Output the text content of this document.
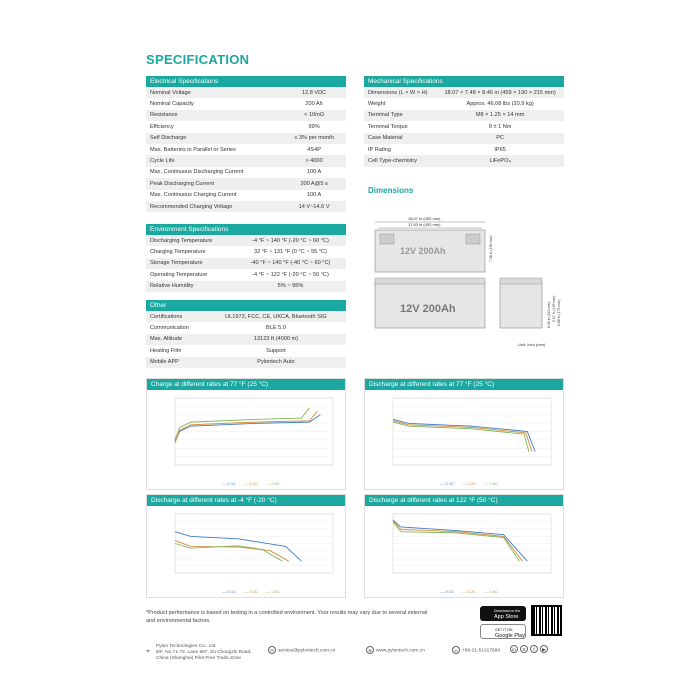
SPECIFICATION
Electrical Specifications
Nominal Voltage	12.8 VDC
Nominal Capacity	200 Ah
Resistance	< 10mΩ
Efficiency	99%
Self Discharge	≤ 3% per month
Max. Batteries in Parallel or Series	4S4P
Cycle Life	> 4000
Max. Continuous Discharging Current	100 A
Peak Discharging Current	200 A@5 s
Max. Continuous Charging Current	100 A
Recommended Charging Voltage	14 V~14.6 V
Environment Specifications
Discharging Temperature	-4 °F ~ 140 °F (-20 °C ~ 60 °C)
Charging Temperature	32 °F ~ 131 °F (0 °C ~ 55 °C)
Storage Temperature	-40 °F ~ 140 °F (-40 °C ~ 60 °C)
Operating Temperature	-4 °F ~ 122 °F (-20 °C ~ 50 °C)
Relative Humidity	5% ~ 95%
Other
Certifications	UL1973, FCC, CE, UKCA, Bluetooth SIG
Communication	BLE 5.0
Max. Altitude	13123 ft (4000 m)
Heating Film	Support
Mobile APP	Pylontech Auto
Mechanical Specifications
Dimensions (L × W × H)	18.07 × 7.48 × 8.46 in (459 × 190 × 215 mm)
Weight	Approx. 46.08 lbs (20.9 kg)
Terminal Type	M8 × 1.25 × 14 mm
Terminal Torque	9 ± 1 Nm
Case Material	PC
IP Rating	IP65
Cell Type-chemistry	LiFePO₄
Dimensions
18.07 in (459 mm)
17.83 in (453 mm)
12V 200Ah	7.48 in (190 mm)
12V 200Ah	8.46 in (215 mm) 5.07 in (129 mm) 6.88 in (175 mm)
Unit: Inch (mm)
Charge at different rates at 77 °F (25 °C)
— 0.1C — 0.2C — 0.5C
Discharge at different rates at 77 °F (25 °C)
— 0.1C — 0.2C — 0.5C
Discharge at different rates at -4 °F (-20 °C)
— 0.1C — 0.2C — 0.5C
Discharge at different rates at 122 °F (50 °C)
— 0.1C — 0.2C — 0.5C
*Product performance is based on testing in a controlled environment. Your results may vary due to several external and environmental factors.
Download on the
App Store
GET IT ON
Google Play
Pylon Technologies Co., Ltd
5/F, No.71-72, Lane 887, Zu Chongzhi Road,
China (Shanghai) Pilot Free Trade Zone
⌖	✉ service@pylontech.com.cn	⊕ www.pylontech.com.cn	☏ +86-21-51317699	in X f ▶
